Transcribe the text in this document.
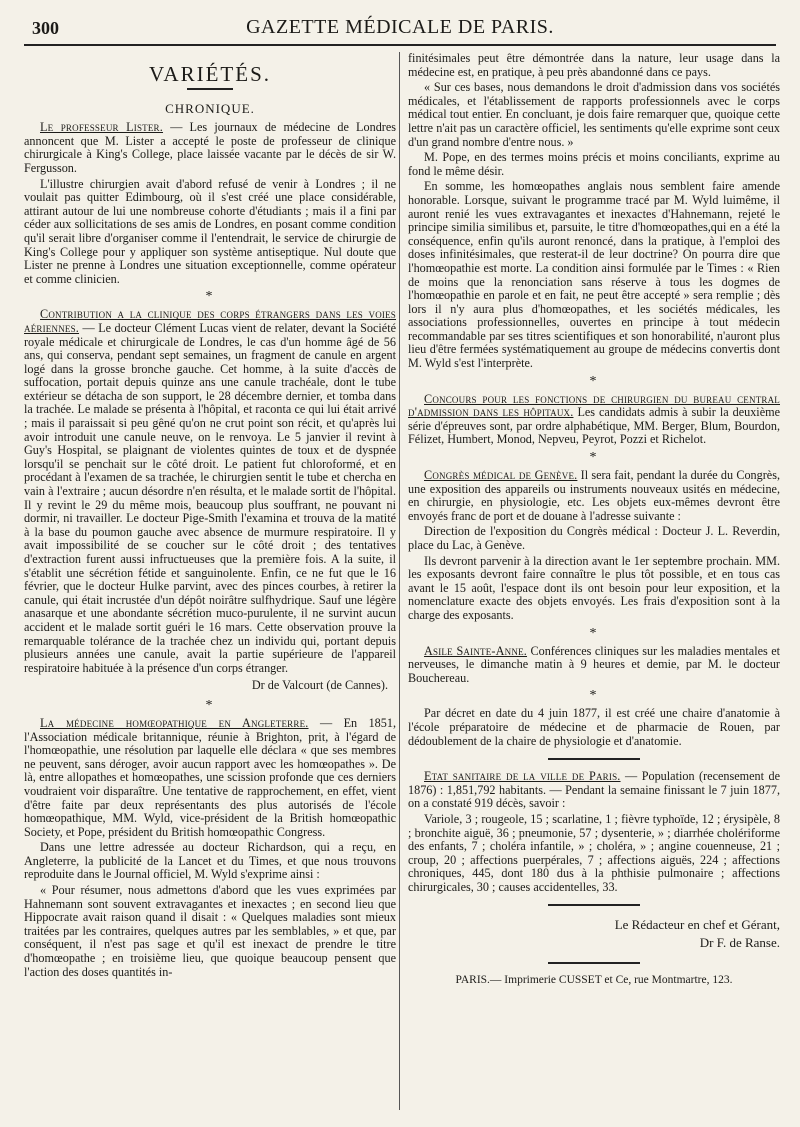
300	GAZETTE MÉDICALE DE PARIS.
VARIÉTÉS.
CHRONIQUE.

Le professeur Lister. — Les journaux de médecine de Londres annoncent que M. Lister a accepté le poste de professeur de clinique chirurgicale à King's College, place laissée vacante par le décès de sir W. Fergusson.

L'illustre chirurgien avait d'abord refusé de venir à Londres ; il ne voulait pas quitter Edimbourg, où il s'est créé une place considérable, attirant autour de lui une nombreuse cohorte d'étudiants ; mais il a fini par céder aux sollicitations de ses amis de Londres, en posant comme condition qu'il serait libre d'organiser comme il l'entendrait, le service de chirurgie de King's College pour y appliquer son système antiseptique. Nul doute que Lister ne prenne à Londres une situation exceptionnelle, comme opérateur et comme clinicien.

*

Contribution a la clinique des corps étrangers dans les voies aériennes. — Le docteur Clément Lucas vient de relater, devant la Société royale médicale et chirurgicale de Londres, le cas d'un homme âgé de 56 ans, qui conserva, pendant sept semaines, un fragment de canule en argent logé dans la grosse bronche gauche. Cet homme, à la suite d'accès de suffocation, portait depuis quinze ans une canule trachéale, dont le tube extérieur se détacha de son support, le 28 décembre dernier, et tomba dans la trachée. Le malade se présenta à l'hôpital, et raconta ce qui lui était arrivé ; mais il paraissait si peu gêné qu'on ne crut point son récit, et qu'après lui avoir introduit une canule neuve, on le renvoya. Le 5 janvier il revint à Guy's Hospital, se plaignant de violentes quintes de toux et de dyspnée lorsqu'il se penchait sur le côté droit. Le patient fut chloroformé, et en procédant à l'examen de sa trachée, le chirurgien sentit le tube et chercha en vain à l'extraire ; aucun désordre n'en résulta, et le malade sortit de l'hôpital. Il y revint le 29 du même mois, beaucoup plus souffrant, ne pouvant ni dormir, ni travailler. Le docteur Pige-Smith l'examina et trouva de la matité à la base du poumon gauche avec absence de murmure respiratoire. Il y avait impossibilité de se coucher sur le côté droit ; des tentatives d'extraction furent aussi infructueuses que la première fois. A la suite, il s'établit une sécrétion fétide et sanguinolente. Enfin, ce ne fut que le 16 février, que le docteur Hulke parvint, avec des pinces courbes, à retirer la canule, qui était incrustée d'un dépôt noirâtre sulfhydrique. Sauf une légère anasarque et une abondante sécrétion muco-purulente, il ne survint aucun accident et le malade sortit guéri le 16 mars. Cette observation prouve la remarquable tolérance de la trachée chez un individu qui, portant depuis plusieurs années une canule, avait la partie supérieure de l'appareil respiratoire habituée à la présence d'un corps étranger.

Dr de Valcourt (de Cannes).
*

La médecine homœopathique en Angleterre. — En 1851, l'Association médicale britannique, réunie à Brighton, prit, à l'égard de l'homœopathie, une résolution par laquelle elle déclara « que ses membres ne peuvent, sans déroger, avoir aucun rapport avec les homœopathes ». De là, entre allopathes et homœopathes, une scission profonde que ces derniers voudraient voir disparaître. Une tentative de rapprochement, en effet, vient d'être faite par deux représentants des plus autorisés de l'école homœopathique, MM. Wyld, vice-président de la British homœopathic Society, et Pope, président du British homœopathic Congress.

Dans une lettre adressée au docteur Richardson, qui a reçu, en Angleterre, la publicité de la Lancet et du Times, et que nous trouvons reproduite dans le Journal officiel, M. Wyld s'exprime ainsi :

« Pour résumer, nous admettons d'abord que les vues exprimées par Hahnemann sont souvent extravagantes et inexactes ; en second lieu que Hippocrate avait raison quand il disait : « Quelques maladies sont mieux traitées par les contraires, quelques autres par les semblables, » et que, par conséquent, il n'est pas sage et qu'il est inexact de prendre le titre d'homœopathe ; en troisième lieu, que quoique beaucoup pensent que l'action des doses quantités in-

finitésimales peut être démontrée dans la nature, leur usage dans la médecine est, en pratique, à peu près abandonné dans ce pays.

« Sur ces bases, nous demandons le droit d'admission dans vos sociétés médicales, et l'établissement de rapports professionnels avec le corps médical tout entier. En concluant, je dois faire remarquer que, quoique cette lettre n'ait pas un caractère officiel, les sentiments qu'elle exprime sont ceux d'un grand nombre d'entre nous. »

M. Pope, en des termes moins précis et moins conciliants, exprime au fond le même désir.

En somme, les homœopathes anglais nous semblent faire amende honorable. Lorsque, suivant le programme tracé par M. Wyld luimême, il auront renié les vues extravagantes et inexactes d'Hahnemann, rejeté le principe similia similibus et, parsuite, le titre d'homœopathes,qui en a été la conséquence, enfin qu'ils auront renoncé, dans la pratique, à l'emploi des doses infinitésimales, que resterat-il de leur doctrine? On pourra dire que l'homœopathie est morte. La condition ainsi formulée par le Times : « Rien de moins que la renonciation sans réserve à tous les dogmes de l'homœopathie en parole et en fait, ne peut être accepté » sera remplie ; dès lors il n'y aura plus d'homœopathes, et les sociétés médicales, les associations professionnelles, ouvertes en principe à tout médecin recommandable par ses titres scientifiques et son honorabilité, n'auront plus lieu d'être fermées systématiquement au groupe de médecins convertis dont M. Wyld s'est l'interprète.

*

Concours pour les fonctions de chirurgien du bureau central d'admission dans les hôpitaux. Les candidats admis à subir la deuxième série d'épreuves sont, par ordre alphabétique, MM. Berger, Blum, Bourdon, Félizet, Humbert, Monod, Nepveu, Peyrot, Pozzi et Richelot.

*

Congrès médical de Genève. Il sera fait, pendant la durée du Congrès, une exposition des appareils ou instruments nouveaux usités en médecine, en chirurgie, en physiologie, etc. Les objets eux-mêmes devront être envoyés franc de port et de douane à l'adresse suivante :

Direction de l'exposition du Congrès médical : Docteur J. L. Reverdin, place du Lac, à Genève.

Ils devront parvenir à la direction avant le 1er septembre prochain. MM. les exposants devront faire connaître le plus tôt possible, et en tous cas avant le 15 août, l'espace dont ils ont besoin pour leur exposition, et la nomenclature exacte des objets envoyés. Les frais d'exposition sont à la charge des exposants.

*

Asile Sainte-Anne. Conférences cliniques sur les maladies mentales et nerveuses, le dimanche matin à 9 heures et demie, par M. le docteur Bouchereau.

*

Par décret en date du 4 juin 1877, il est créé une chaire d'anatomie à l'école préparatoire de médecine et de pharmacie de Rouen, par dédoublement de la chaire de physiologie et d'anatomie.

Etat sanitaire de la ville de Paris. — Population (recensement de 1876) : 1,851,792 habitants. — Pendant la semaine finissant le 7 juin 1877, on a constaté 919 décès, savoir :

Variole, 3 ; rougeole, 15 ; scarlatine, 1 ; fièvre typhoïde, 12 ; érysipèle, 8 ; bronchite aiguë, 36 ; pneumonie, 57 ; dysenterie, » ; diarrhée cholériforme des enfants, 7 ; choléra infantile, » ; choléra, » ; angine couenneuse, 21 ; croup, 20 ; affections puerpérales, 7 ; affections aiguës, 224 ; affections chroniques, 445, dont 180 dus à la phthisie pulmonaire ; affections chirurgicales, 30 ; causes accidentelles, 33.

Le Rédacteur en chef et Gérant,
Dr F. de Ranse.
PARIS.— Imprimerie CUSSET et Ce, rue Montmartre, 123.
